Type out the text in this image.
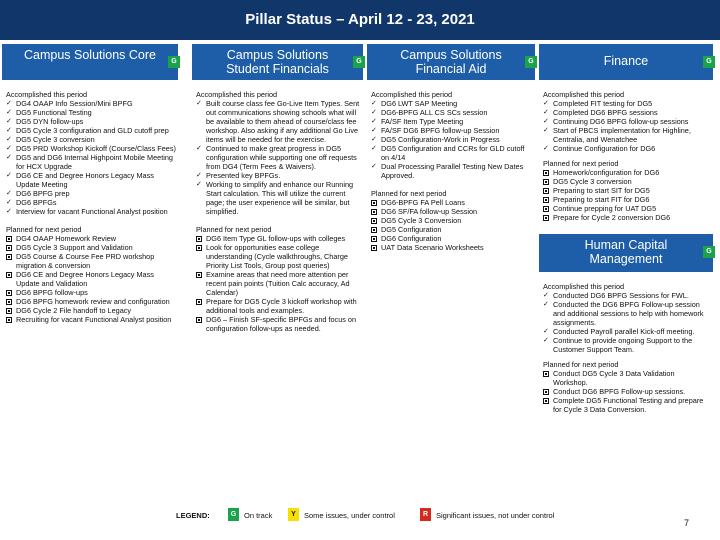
Pillar Status – April 12 - 23, 2021
Campus Solutions Core	G
Accomplished this period
✓ DG4 OAAP Info Session/Mini BPFG
✓ DG5 Functional Testing
✓ DG5 DYN follow-ups
✓ DG5 Cycle 3 configuration and GLD cutoff prep
✓ DG5 Cycle 3 conversion
✓ DG5 PRD Workshop Kickoff (Course/Class Fees)
✓ DG5 and DG6 Internal Highpoint Mobile Meeting for HCX Upgrade
✓ DG6 CE and Degree Honors Legacy Mass Update Meeting
✓ DG6 BPFG prep
✓ DG6 BPFGs
✓ Interview for vacant Functional Analyst position
Planned for next period
DG4 OAAP Homework Review
DG5 Cycle 3 Support and Validation
DG5 Course & Course Fee PRD workshop migration & conversion
DG6 CE and Degree Honors Legacy Mass Update and Validation
DG6 BPFG follow-ups
DG6 BPFG homework review and configuration
DG6 Cycle 2 File handoff to Legacy
Recruiting for vacant Functional Analyst position
Campus Solutions Student Financials
G
Accomplished this period
✓ Built course class fee Go-Live Item Types. Sent out communications showing schools what will be available to them ahead of course/class fee workshop. Also asking if any additional Go Live items will be needed for the exercise.
✓ Continued to make great progress in DG5 configuration while supporting one off requests from DG4 (Term Fees & Waivers).
✓ Presented key BPFGs.
✓ Working to simplify and enhance our Running Start calculation. This will utilize the current page; the user experience will be similar, but simplified.
Planned for next period
DG6 Item Type GL follow-ups with colleges
Look for opportunities ease college understanding (Cycle walkthroughs, Charge Priority List Tools, Group post queries)
Examine areas that need more attention per recent pain points (Tuition Calc accuracy, Ad Calendar)
Prepare for DG5 Cycle 3 kickoff workshop with additional tools and examples.
DG6 – Finish SF-specific BPFGs and focus on configuration follow-ups as needed.
Campus Solutions Financial Aid
G
Accomplished this period
✓ DG6 LWT SAP Meeting
✓ DG6-BPFG ALL CS SCs session
✓ FA/SF Item Type Meeting
✓ FA/SF DG6 BPFG follow-up Session
✓ DG5 Configuration-Work in Progress
✓ DG5 Configuration and CCRs for GLD cutoff on 4/14
✓ Dual Processing Parallel Testing New Dates Approved.
Planned for next period
DG6-BPFG FA Pell Loans
DG6 SF/FA follow-up Session
DG5 Cycle 3 Conversion
DG5 Configuration
DG6 Configuration
UAT Data Scenario Worksheets
Finance	G
Accomplished this period
✓ Completed FIT testing for DG5
✓ Completed DG6 BPFG sessions
✓ Continuing DG6 BPFG follow-up sessions
✓ Start of PBCS implementation for Highline, Centralia, and Wenatchee
✓ Continue Configuration for DG6
Planned for next period
Homework/configuration for DG6
DG5 Cycle 3 conversion
Preparing to start SIT for DG5
Preparing to start FIT for DG6
Continue prepping for UAT DG5
Prepare for Cycle 2 conversion DG6
Human Capital Management
G
Accomplished this period
✓ Conducted DG6 BPFG Sessions for FWL.
✓ Conducted the DG6 BPFG Follow-up session and additional sessions to help with homework assignments.
✓ Conducted Payroll parallel Kick-off meeting.
✓ Continue to provide ongoing Support to the Customer Support Team.
Planned for next period
Conduct DG5 Cycle 3 Data Validation Workshop.
Conduct DG6 BPFG Follow-up sessions.
Complete DG5 Functional Testing and prepare for Cycle 3 Data Conversion.
LEGEND:	G	On track	Y	Some issues, under control	R	Significant issues, not under control
7
